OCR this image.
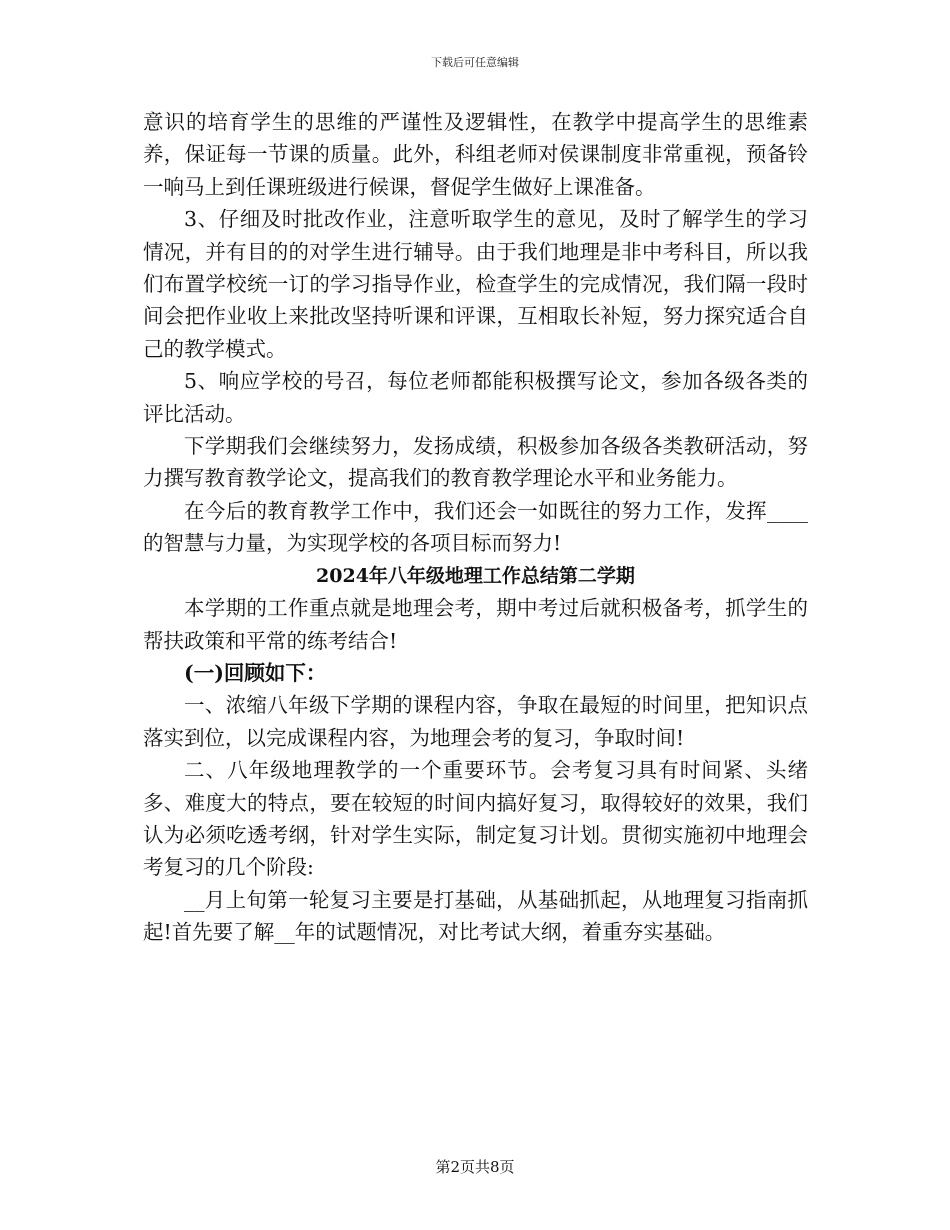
下载后可任意编辑

意识的培育学生的思维的严谨性及逻辑性，在教学中提高学生的思维素养，保证每一节课的质量。此外，科组老师对侯课制度非常重视，预备铃一响马上到任课班级进行候课，督促学生做好上课准备。

3、仔细及时批改作业，注意听取学生的意见，及时了解学生的学习情况，并有目的的对学生进行辅导。由于我们地理是非中考科目，所以我们布置学校统一订的学习指导作业，检查学生的完成情况，我们隔一段时间会把作业收上来批改坚持听课和评课，互相取长补短，努力探究适合自己的教学模式。

5、响应学校的号召，每位老师都能积极撰写论文，参加各级各类的评比活动。

下学期我们会继续努力，发扬成绩，积极参加各级各类教研活动，努力撰写教育教学论文，提高我们的教育教学理论水平和业务能力。

在今后的教育教学工作中，我们还会一如既往的努力工作，发挥____的智慧与力量，为实现学校的各项目标而努力!

2024年八年级地理工作总结第二学期

本学期的工作重点就是地理会考，期中考过后就积极备考，抓学生的帮扶政策和平常的练考结合!

(一)回顾如下：

一、浓缩八年级下学期的课程内容，争取在最短的时间里，把知识点落实到位，以完成课程内容，为地理会考的复习，争取时间!

二、八年级地理教学的一个重要环节。会考复习具有时间紧、头绪多、难度大的特点，要在较短的时间内搞好复习，取得较好的效果，我们认为必须吃透考纲，针对学生实际，制定复习计划。贯彻实施初中地理会考复习的几个阶段:

__月上旬第一轮复习主要是打基础，从基础抓起，从地理复习指南抓起!首先要了解__年的试题情况，对比考试大纲，着重夯实基础。

第2页共8页
